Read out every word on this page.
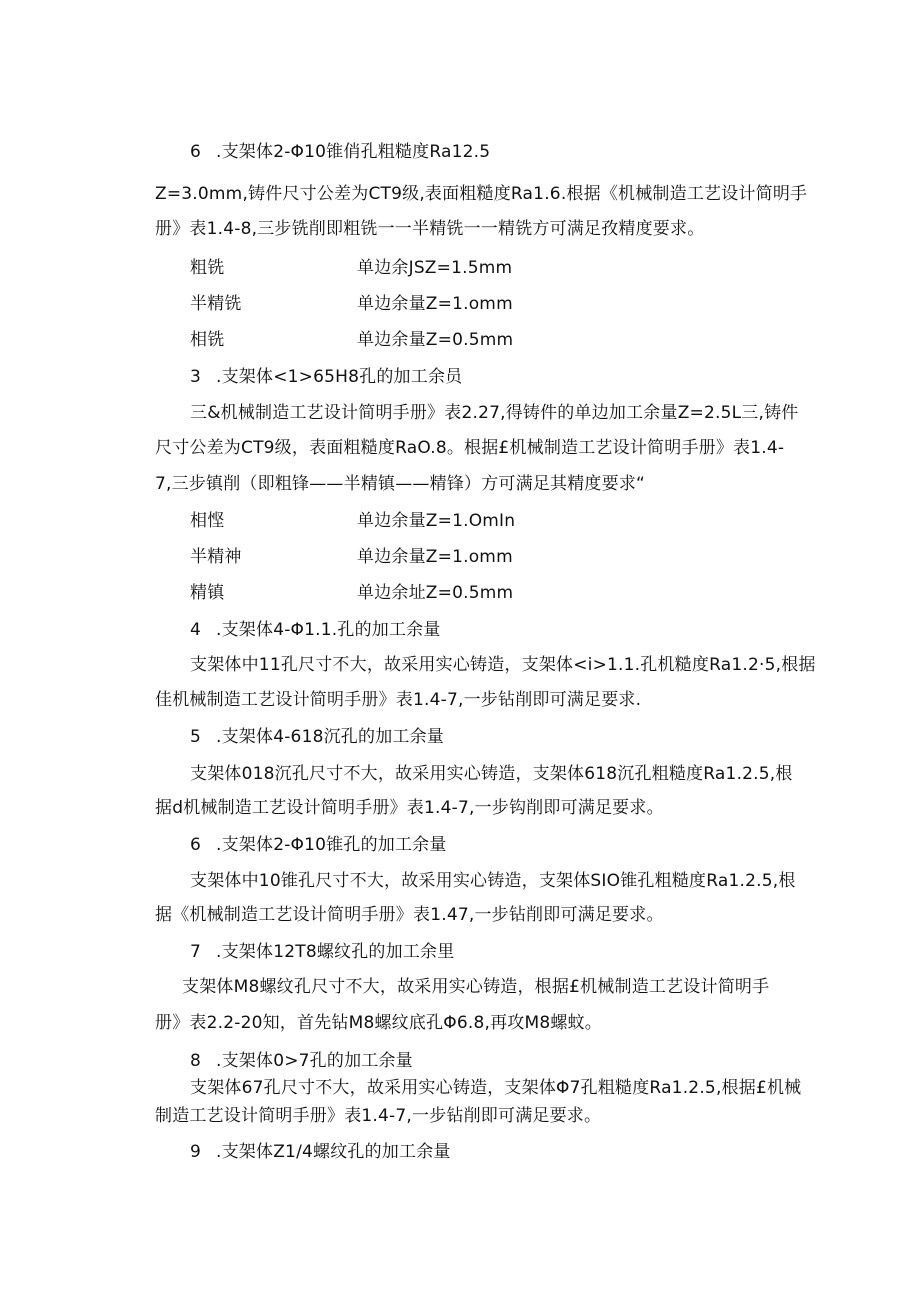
6 .支架体2-Φ10锥俏孔粗糙度Ra12.5
Z=3.0mm,铸件尺寸公差为CT9级,表面粗糙度Ra1.6.根据《机械制造工艺设计简明手
册》表1.4-8,三步铣削即粗铣一一半精铣一一精铣方可满足孜精度要求。
粗铣	单边余JSZ=1.5mm
半精铣	单边余量Z=1.omm
相铣	单边余量Z=0.5mm
3 .支架体<1>65H8孔的加工余员
三&机械制造工艺设计简明手册》表2.27,得铸件的单边加工余量Z=2.5L三,铸件
尺寸公差为CT9级，表面粗糙度RaO.8。根据£机械制造工艺设计简明手册》表1.4-
7,三步镇削（即粗锋——半精镇——精锋）方可满足其精度要求“
相悭	单边余量Z=1.OmIn
半精神	单边余量Z=1.omm
精镇	单边余址Z=0.5mm
4 .支架体4-Φ1.1.孔的加工余量
支架体中11孔尺寸不大，故采用实心铸造，支架体<i>1.1.孔机糙度Ra1.2·5,根据
佳机械制造工艺设计简明手册》表1.4-7,一步钻削即可满足要求.
5 .支架体4-618沉孔的加工余量
支架体018沉孔尺寸不大，故采用实心铸造，支架体618沉孔粗糙度Ra1.2.5,根
据d机械制造工艺设计简明手册》表1.4-7,一步钩削即可满足要求。
6 .支架体2-Φ10锥孔的加工余量
支架体中10锥孔尺寸不大，故采用实心铸造，支架体SIO锥孔粗糙度Ra1.2.5,根
据《机械制造工艺设计简明手册》表1.47,一步钻削即可满足要求。
7 .支架体12T8螺纹孔的加工余里
支架体M8螺纹孔尺寸不大，故采用实心铸造，根据£机械制造工艺设计简明手
册》表2.2-20知，首先钻M8螺纹底孔Φ6.8,再攻M8螺蚊。
8 .支架体0>7孔的加工余量
支架体67孔尺寸不大，故采用实心铸造，支架体Φ7孔粗糙度Ra1.2.5,根据£机械
制造工艺设计简明手册》表1.4-7,一步钻削即可满足要求。
9 .支架体Z1/4螺纹孔的加工余量
